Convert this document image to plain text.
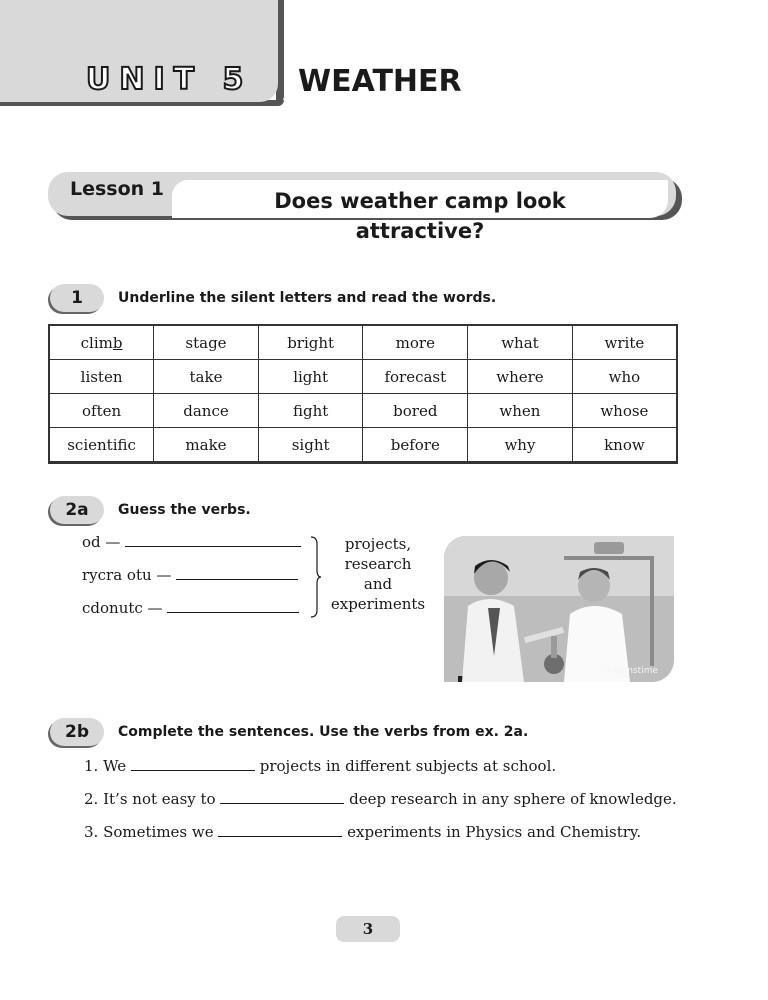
UNIT 5 WEATHER
Lesson 1	Does weather camp look
attractive?
1	Underline the silent letters and read the words.
climb	stage	bright	more	what	write
listen	take	light	forecast	where	who
often	dance	fight	bored	when	whose
scientific	make	sight	before	why	know
2a	Guess the verbs.
od —
rycra otu —
cdonutc —
projects,
research
and
experiments
dreamstime
2b	Complete the sentences. Use the verbs from ex. 2a.
1. We	projects in different subjects at school.
2. It’s not easy to	deep research in any sphere of knowledge.
3. Sometimes we	experiments in Physics and Chemistry.
3
